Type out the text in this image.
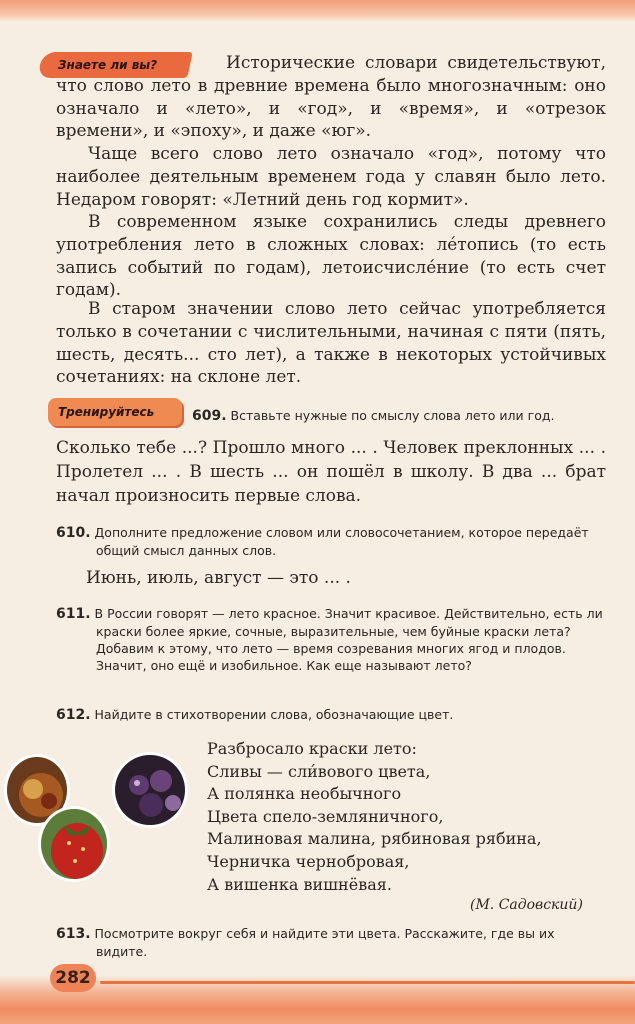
Знаете ли вы?	Исторические словари свидетельствуют, что слово лето в древние времена было многозначным: оно означало и «лето», и «год», и «время», и «отрезок времени», и «эпоху», и даже «юг».

Чаще всего слово лето означало «год», потому что наиболее деятельным временем года у славян было лето. Недаром говорят: «Летний день год кормит».

В современном языке сохранились следы древнего употребления лето в сложных словах: лéтопись (то есть запись событий по годам), летоисчислéние (то есть счет годам).

В старом значении слово лето сейчас употребляется только в сочетании с числительными, начиная с пяти (пять, шесть, десять... сто лет), а также в некоторых устойчивых сочетаниях: на склоне лет.

Тренируйтесь	609. Вставьте нужные по смыслу слова лето или год.

Сколько тебе ...? Прошло много ... . Человек преклонных ... . Пролетел ... . В шесть ... он пошёл в школу. В два ... брат начал произносить первые слова.

610. Дополните предложение словом или словосочетанием, которое передаёт общий смысл данных слов.

Июнь, июль, август — это ... .

611. В России говорят — лето красное. Значит красивое. Действительно, есть ли краски более яркие, сочные, выразительные, чем буйные краски лета? Добавим к этому, что лето — время созревания многих ягод и плодов. Значит, оно ещё и изобильное. Как еще называют лето?

612. Найдите в стихотворении слова, обозначающие цвет.

Разбросало краски лето:
Сливы — сли́вового цвета,
А полянка необычного
Цвета спело-земляничного,
Малиновая малина, рябиновая рябина,
Черничка чернобровая,
А вишенка вишнёвая.
(М. Садовский)

613. Посмотрите вокруг себя и найдите эти цвета. Расскажите, где вы их видите.

282
